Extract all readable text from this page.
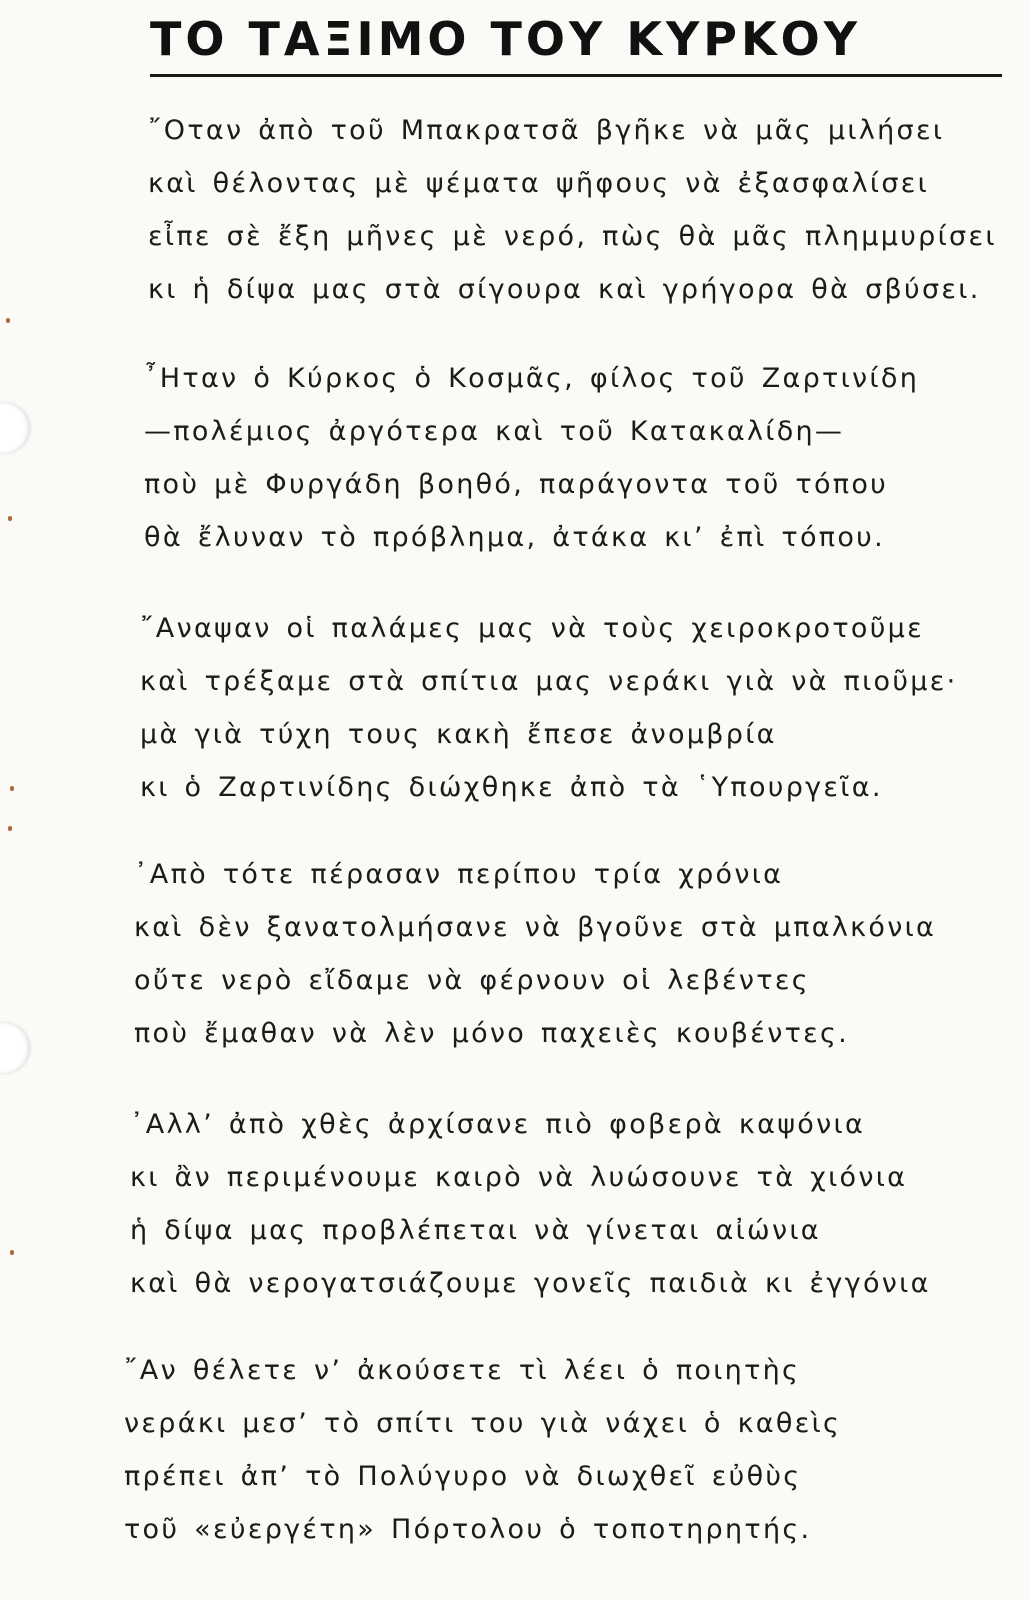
ΤΟ ΤΑΞΙΜΟ ΤΟΥ ΚΥΡΚΟΥ
῎Οταν ἀπὸ τοῦ Μπακρατσᾶ βγῆκε νὰ μᾶς μιλήσει
καὶ θέλοντας μὲ ψέματα ψῆφους νὰ ἐξασφαλίσει
εἶπε σὲ ἔξη μῆνες μὲ νερό, πὼς θὰ μᾶς πλημμυρίσει
κι ἡ δίψα μας στὰ σίγουρα καὶ γρήγορα θὰ σβύσει.
῏Ηταν ὁ Κύρκος ὁ Κοσμᾶς, φίλος τοῦ Ζαρτινίδη
—πολέμιος ἀργότερα καὶ τοῦ Κατακαλίδη—
ποὺ μὲ Φυργάδη βοηθό, παράγοντα τοῦ τόπου
θὰ ἔλυναν τὸ πρόβλημα, ἀτάκα κι’ ἐπὶ τόπου.
῎Αναψαν οἱ παλάμες μας νὰ τοὺς χειροκροτοῦμε
καὶ τρέξαμε στὰ σπίτια μας νεράκι γιὰ νὰ πιοῦμε·
μὰ γιὰ τύχη τους κακὴ ἔπεσε ἀνομβρία
κι ὁ Ζαρτινίδης διώχθηκε ἀπὸ τὰ ῾Υπουργεῖα.
᾿Απὸ τότε πέρασαν περίπου τρία χρόνια
καὶ δὲν ξανατολμήσανε νὰ βγοῦνε στὰ μπαλκόνια
οὔτε νερὸ εἴδαμε νὰ φέρνουν οἱ λεβέντες
ποὺ ἔμαθαν νὰ λὲν μόνο παχειὲς κουβέντες.
᾿Αλλ’ ἀπὸ χθὲς ἀρχίσανε πιὸ φοβερὰ καψόνια
κι ἂν περιμένουμε καιρὸ νὰ λυώσουνε τὰ χιόνια
ἡ δίψα μας προβλέπεται νὰ γίνεται αἰώνια
καὶ θὰ νερογατσιάζουμε γονεῖς παιδιὰ κι ἐγγόνια
῎Αν θέλετε ν’ ἀκούσετε τὶ λέει ὁ ποιητὴς
νεράκι μεσ’ τὸ σπίτι του γιὰ νάχει ὁ καθεὶς
πρέπει ἀπ’ τὸ Πολύγυρο νὰ διωχθεῖ εὐθὺς
τοῦ «εὐεργέτη» Πόρτολου ὁ τοποτηρητής.
